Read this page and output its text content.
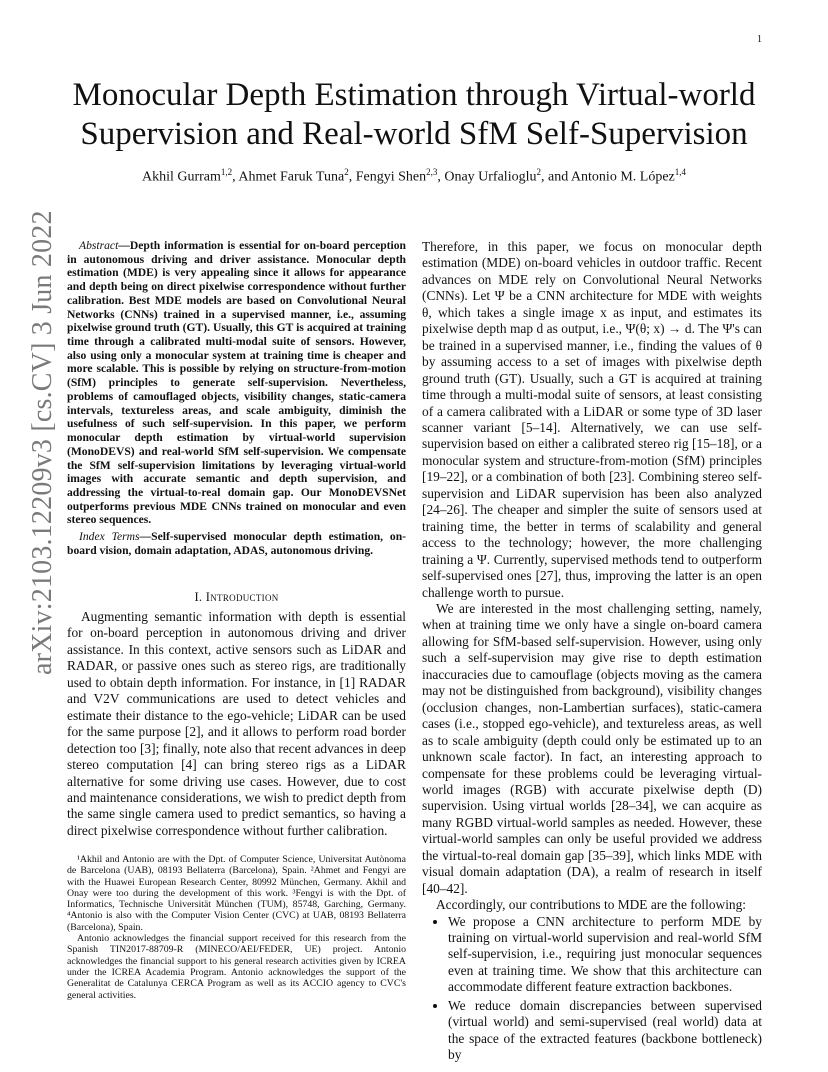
1
arXiv:2103.12209v3 [cs.CV] 3 Jun 2022
Monocular Depth Estimation through Virtual-world Supervision and Real-world SfM Self-Supervision
Akhil Gurram$^{1,2}$, Ahmet Faruk Tuna$^2$, Fengyi Shen$^{2,3}$, Onay Urfalioglu$^2$, and Antonio M. López$^{1,4}$
Abstract—Depth information is essential for on-board perception in autonomous driving and driver assistance. Monocular depth estimation (MDE) is very appealing since it allows for appearance and depth being on direct pixelwise correspondence without further calibration. Best MDE models are based on Convolutional Neural Networks (CNNs) trained in a supervised manner, i.e., assuming pixelwise ground truth (GT). Usually, this GT is acquired at training time through a calibrated multi-modal suite of sensors. However, also using only a monocular system at training time is cheaper and more scalable. This is possible by relying on structure-from-motion (SfM) principles to generate self-supervision. Nevertheless, problems of camouflaged objects, visibility changes, static-camera intervals, textureless areas, and scale ambiguity, diminish the usefulness of such self-supervision. In this paper, we perform monocular depth estimation by virtual-world supervision (MonoDEVS) and real-world SfM self-supervision. We compensate the SfM self-supervision limitations by leveraging virtual-world images with accurate semantic and depth supervision, and addressing the virtual-to-real domain gap. Our MonoDEVSNet outperforms previous MDE CNNs trained on monocular and even stereo sequences.
Index Terms—Self-supervised monocular depth estimation, on-board vision, domain adaptation, ADAS, autonomous driving.
I. Introduction
Augmenting semantic information with depth is essential for on-board perception in autonomous driving and driver assistance. In this context, active sensors such as LiDAR and RADAR, or passive ones such as stereo rigs, are traditionally used to obtain depth information. For instance, in [1] RADAR and V2V communications are used to detect vehicles and estimate their distance to the ego-vehicle; LiDAR can be used for the same purpose [2], and it allows to perform road border detection too [3]; finally, note also that recent advances in deep stereo computation [4] can bring stereo rigs as a LiDAR alternative for some driving use cases. However, due to cost and maintenance considerations, we wish to predict depth from the same single camera used to predict semantics, so having a direct pixelwise correspondence without further calibration.

¹Akhil and Antonio are with the Dpt. of Computer Science, Universitat Autònoma de Barcelona (UAB), 08193 Bellaterra (Barcelona), Spain. ²Ahmet and Fengyi are with the Huawei European Research Center, 80992 München, Germany. Akhil and Onay were too during the development of this work. ³Fengyi is with the Dpt. of Informatics, Technische Universität München (TUM), 85748, Garching, Germany. ⁴Antonio is also with the Computer Vision Center (CVC) at UAB, 08193 Bellaterra (Barcelona), Spain.

Antonio acknowledges the financial support received for this research from the Spanish TIN2017-88709-R (MINECO/AEI/FEDER, UE) project. Antonio acknowledges the financial support to his general research activities given by ICREA under the ICREA Academia Program. Antonio acknowledges the support of the Generalitat de Catalunya CERCA Program as well as its ACCIO agency to CVC's general activities.

Therefore, in this paper, we focus on monocular depth estimation (MDE) on-board vehicles in outdoor traffic. Recent advances on MDE rely on Convolutional Neural Networks (CNNs). Let Ψ be a CNN architecture for MDE with weights θ, which takes a single image x as input, and estimates its pixelwise depth map d as output, i.e., Ψ(θ; x) → d. The Ψ's can be trained in a supervised manner, i.e., finding the values of θ by assuming access to a set of images with pixelwise depth ground truth (GT). Usually, such a GT is acquired at training time through a multi-modal suite of sensors, at least consisting of a camera calibrated with a LiDAR or some type of 3D laser scanner variant [5–14]. Alternatively, we can use self-supervision based on either a calibrated stereo rig [15–18], or a monocular system and structure-from-motion (SfM) principles [19–22], or a combination of both [23]. Combining stereo self-supervision and LiDAR supervision has been also analyzed [24–26]. The cheaper and simpler the suite of sensors used at training time, the better in terms of scalability and general access to the technology; however, the more challenging training a Ψ. Currently, supervised methods tend to outperform self-supervised ones [27], thus, improving the latter is an open challenge worth to pursue.

We are interested in the most challenging setting, namely, when at training time we only have a single on-board camera allowing for SfM-based self-supervision. However, using only such a self-supervision may give rise to depth estimation inaccuracies due to camouflage (objects moving as the camera may not be distinguished from background), visibility changes (occlusion changes, non-Lambertian surfaces), static-camera cases (i.e., stopped ego-vehicle), and textureless areas, as well as to scale ambiguity (depth could only be estimated up to an unknown scale factor). In fact, an interesting approach to compensate for these problems could be leveraging virtual-world images (RGB) with accurate pixelwise depth (D) supervision. Using virtual worlds [28–34], we can acquire as many RGBD virtual-world samples as needed. However, these virtual-world samples can only be useful provided we address the virtual-to-real domain gap [35–39], which links MDE with visual domain adaptation (DA), a realm of research in itself [40–42].

Accordingly, our contributions to MDE are the following:

• We propose a CNN architecture to perform MDE by training on virtual-world supervision and real-world SfM self-supervision, i.e., requiring just monocular sequences even at training time. We show that this architecture can accommodate different feature extraction backbones.
• We reduce domain discrepancies between supervised (virtual world) and semi-supervised (real world) data at the space of the extracted features (backbone bottleneck) by
